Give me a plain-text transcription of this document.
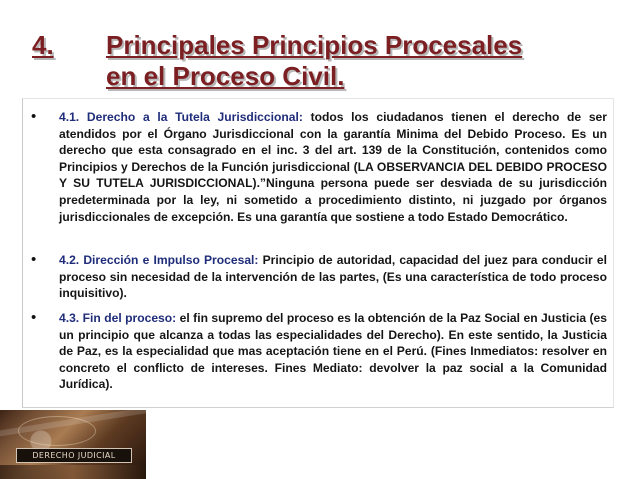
4. Principales Principios Procesales
en el Proceso Civil.
• 4.1. Derecho a la Tutela Jurisdiccional: todos los ciudadanos tienen el derecho de ser atendidos por el Órgano Jurisdiccional con la garantía Minima del Debido Proceso. Es un derecho que esta consagrado en el inc. 3 del art. 139 de la Constitución, contenidos como Principios y Derechos de la Función jurisdiccional (LA OBSERVANCIA DEL DEBIDO PROCESO Y SU TUTELA JURISDICCIONAL).”Ninguna persona puede ser desviada de su jurisdicción predeterminada por la ley, ni sometido a procedimiento distinto, ni juzgado por órganos jurisdiccionales de excepción. Es una garantía que sostiene a todo Estado Democrático.
• 4.2. Dirección e Impulso Procesal: Principio de autoridad, capacidad del juez para conducir el proceso sin necesidad de la intervención de las partes, (Es una característica de todo proceso inquisitivo).
• 4.3. Fin del proceso: el fin supremo del proceso es la obtención de la Paz Social en Justicia (es un principio que alcanza a todas las especialidades del Derecho). En este sentido, la Justicia de Paz, es la especialidad que mas aceptación tiene en el Perú. (Fines Inmediatos: resolver en concreto el conflicto de intereses. Fines Mediato: devolver la paz social a la Comunidad Jurídica).
DERECHO JUDICIAL
